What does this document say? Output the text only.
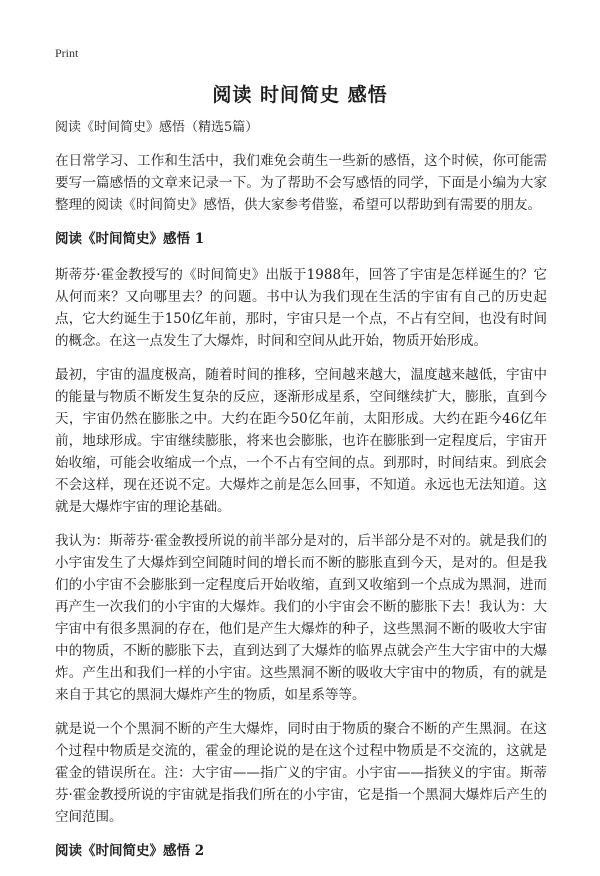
Print
阅读 时间简史 感悟
阅读《时间简史》感悟（精选5篇）

在日常学习、工作和生活中，我们难免会萌生一些新的感悟，这个时候，你可能需要写一篇感悟的文章来记录一下。为了帮助不会写感悟的同学，下面是小编为大家整理的阅读《时间简史》感悟，供大家参考借鉴，希望可以帮助到有需要的朋友。

阅读《时间简史》感悟 1

斯蒂芬·霍金教授写的《时间简史》出版于1988年，回答了宇宙是怎样诞生的？它从何而来？又向哪里去？的问题。书中认为我们现在生活的宇宙有自己的历史起点，它大约诞生于150亿年前，那时，宇宙只是一个点，不占有空间，也没有时间的概念。在这一点发生了大爆炸，时间和空间从此开始，物质开始形成。

最初，宇宙的温度极高，随着时间的推移，空间越来越大，温度越来越低，宇宙中的能量与物质不断发生复杂的反应，逐渐形成星系，空间继续扩大，膨胀，直到今天，宇宙仍然在膨胀之中。大约在距今50亿年前，太阳形成。大约在距今46亿年前，地球形成。宇宙继续膨胀，将来也会膨胀，也许在膨胀到一定程度后，宇宙开始收缩，可能会收缩成一个点，一个不占有空间的点。到那时，时间结束。到底会不会这样，现在还说不定。大爆炸之前是怎么回事，不知道。永远也无法知道。这就是大爆炸宇宙的理论基础。

我认为：斯蒂芬·霍金教授所说的前半部分是对的，后半部分是不对的。就是我们的小宇宙发生了大爆炸到空间随时间的增长而不断的膨胀直到今天，是对的。但是我们的小宇宙不会膨胀到一定程度后开始收缩，直到又收缩到一个点成为黑洞，进而再产生一次我们的小宇宙的大爆炸。我们的小宇宙会不断的膨胀下去！我认为：大宇宙中有很多黑洞的存在，他们是产生大爆炸的种子，这些黑洞不断的吸收大宇宙中的物质，不断的膨胀下去，直到达到了大爆炸的临界点就会产生大宇宙中的大爆炸。产生出和我们一样的小宇宙。这些黑洞不断的吸收大宇宙中的物质，有的就是来自于其它的黑洞大爆炸产生的物质，如星系等等。

就是说一个个黑洞不断的产生大爆炸，同时由于物质的聚合不断的产生黑洞。在这个过程中物质是交流的，霍金的理论说的是在这个过程中物质是不交流的，这就是霍金的错误所在。注：大宇宙——指广义的宇宙。小宇宙——指狭义的宇宙。斯蒂芬·霍金教授所说的宇宙就是指我们所在的小宇宙，它是指一个黑洞大爆炸后产生的空间范围。

阅读《时间简史》感悟 2
